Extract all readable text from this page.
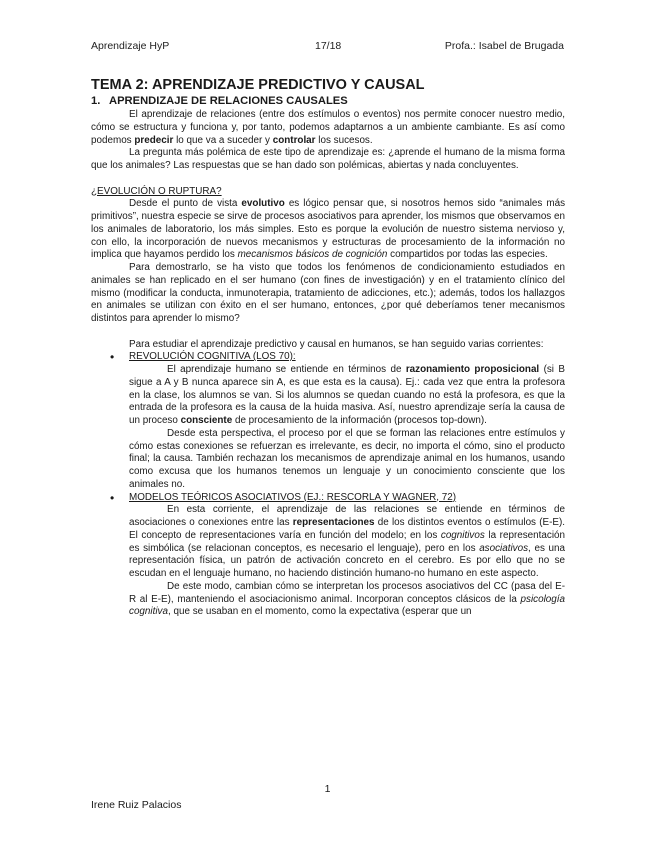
Aprendizaje HyP	17/18	Profa.: Isabel de Brugada
TEMA 2: APRENDIZAJE PREDICTIVO Y CAUSAL
1. APRENDIZAJE DE RELACIONES CAUSALES

El aprendizaje de relaciones (entre dos estímulos o eventos) nos permite conocer nuestro medio, cómo se estructura y funciona y, por tanto, podemos adaptarnos a un ambiente cambiante. Es así como podemos predecir lo que va a suceder y controlar los sucesos.

La pregunta más polémica de este tipo de aprendizaje es: ¿aprende el humano de la misma forma que los animales? Las respuestas que se han dado son polémicas, abiertas y nada concluyentes.

¿EVOLUCIÓN O RUPTURA?

Desde el punto de vista evolutivo es lógico pensar que, si nosotros hemos sido “animales más primitivos”, nuestra especie se sirve de procesos asociativos para aprender, los mismos que observamos en los animales de laboratorio, los más simples. Esto es porque la evolución de nuestro sistema nervioso y, con ello, la incorporación de nuevos mecanismos y estructuras de procesamiento de la información no implica que hayamos perdido los mecanismos básicos de cognición compartidos por todas las especies.

Para demostrarlo, se ha visto que todos los fenómenos de condicionamiento estudiados en animales se han replicado en el ser humano (con fines de investigación) y en el tratamiento clínico del mismo (modificar la conducta, inmunoterapia, tratamiento de adicciones, etc.); además, todos los hallazgos en animales se utilizan con éxito en el ser humano, entonces, ¿por qué deberíamos tener mecanismos distintos para aprender lo mismo?

Para estudiar el aprendizaje predictivo y causal en humanos, se han seguido varias corrientes:

• REVOLUCIÓN COGNITIVA (LOS 70):

El aprendizaje humano se entiende en términos de razonamiento proposicional (si B sigue a A y B nunca aparece sin A, es que esta es la causa). Ej.: cada vez que entra la profesora en la clase, los alumnos se van. Si los alumnos se quedan cuando no está la profesora, es que la entrada de la profesora es la causa de la huida masiva. Así, nuestro aprendizaje sería la causa de un proceso consciente de procesamiento de la información (procesos top-down).

Desde esta perspectiva, el proceso por el que se forman las relaciones entre estímulos y cómo estas conexiones se refuerzan es irrelevante, es decir, no importa el cómo, sino el producto final; la causa. También rechazan los mecanismos de aprendizaje animal en los humanos, usando como excusa que los humanos tenemos un lenguaje y un conocimiento consciente que los animales no.

• MODELOS TEÓRICOS ASOCIATIVOS (EJ.: RESCORLA Y WAGNER, 72)

En esta corriente, el aprendizaje de las relaciones se entiende en términos de asociaciones o conexiones entre las representaciones de los distintos eventos o estímulos (E-E). El concepto de representaciones varía en función del modelo; en los cognitivos la representación es simbólica (se relacionan conceptos, es necesario el lenguaje), pero en los asociativos, es una representación física, un patrón de activación concreto en el cerebro. Es por ello que no se escudan en el lenguaje humano, no haciendo distinción humano-no humano en este aspecto.

De este modo, cambian cómo se interpretan los procesos asociativos del CC (pasa del E-R al E-E), manteniendo el asociacionismo animal. Incorporan conceptos clásicos de la psicología cognitiva, que se usaban en el momento, como la expectativa (esperar que un

1
Irene Ruiz Palacios
